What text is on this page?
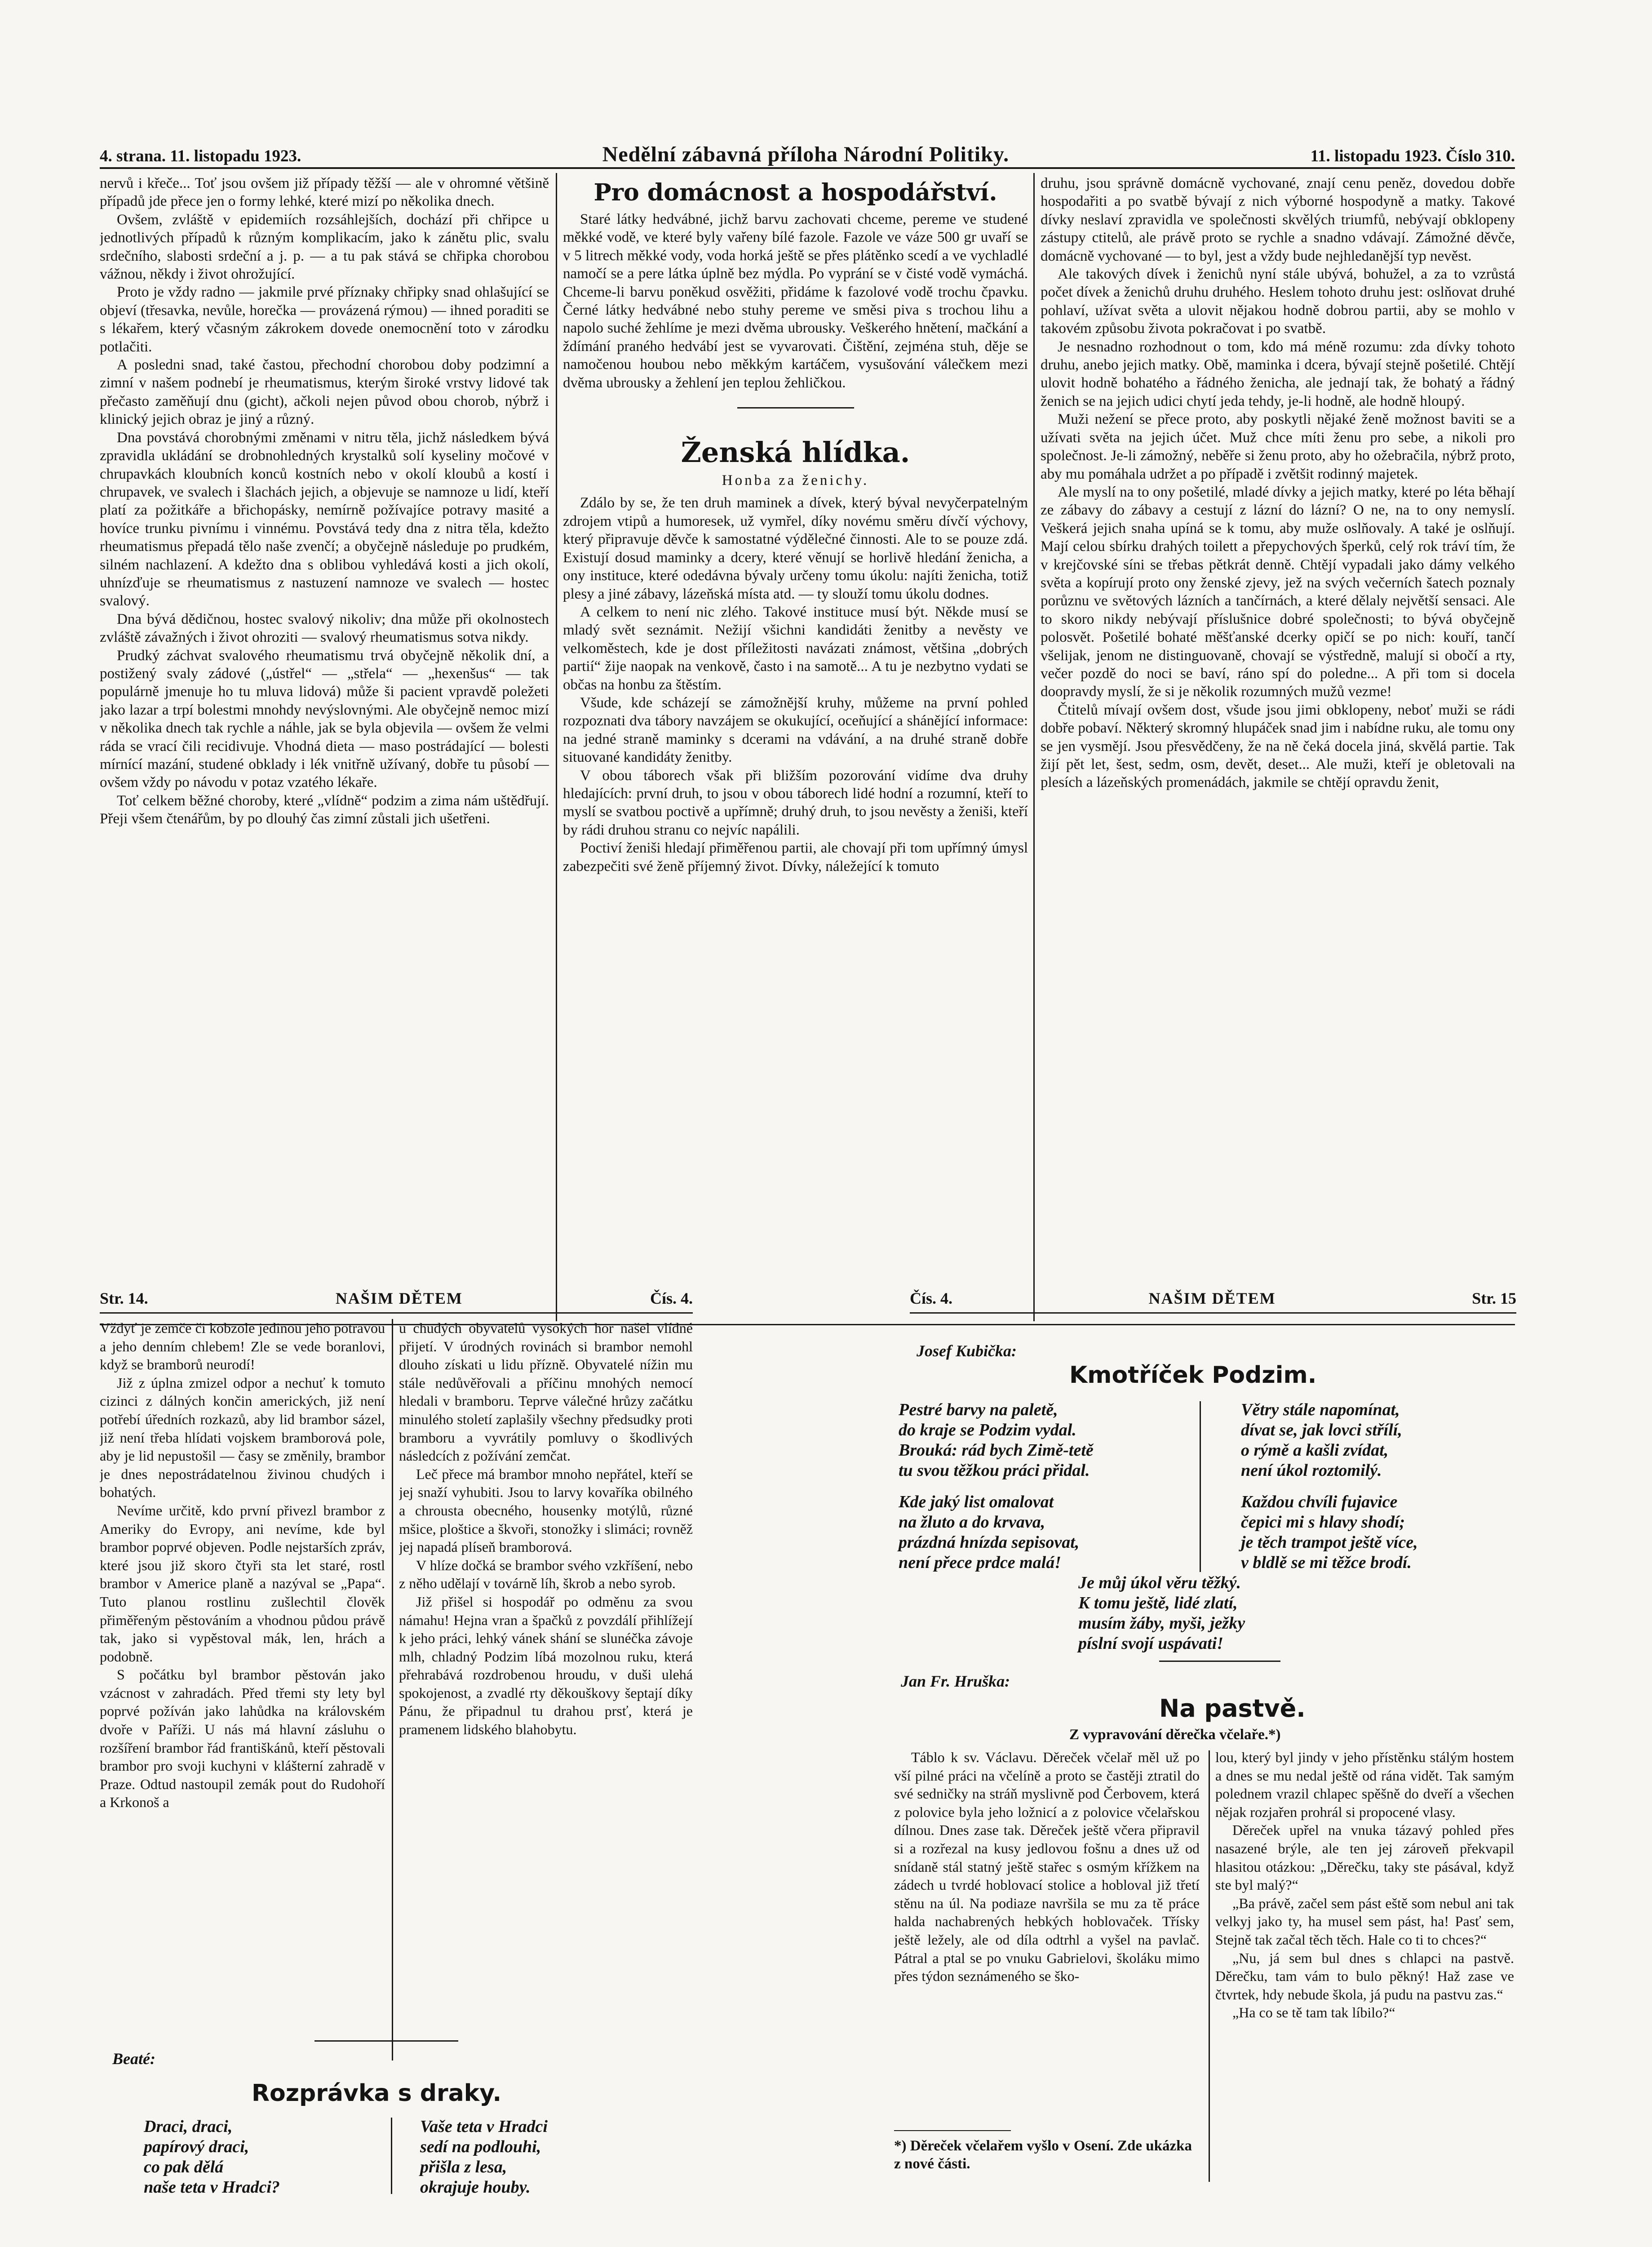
4. strana. 11. listopadu 1923.	Nedělní zábavná příloha Národní Politiky.	11. listopadu 1923. Číslo 310.

nervů i křeče... Toť jsou ovšem již případy těžší — ale v ohromné většině případů jde přece jen o formy lehké, které mizí po několika dnech.

Ovšem, zvláště v epidemiích rozsáhlejších, dochází při chřipce u jednotlivých případů k různým komplikacím, jako k zánětu plic, svalu srdečního, slabosti srdeční a j. p. — a tu pak stává se chřipka chorobou vážnou, někdy i život ohrožující.

Proto je vždy radno — jakmile prvé příznaky chřipky snad ohlašující se objeví (třesavka, nevůle, horečka — provázená rýmou) — ihned poraditi se s lékařem, který včasným zákrokem dovede onemocnění toto v zárodku potlačiti.

A posledni snad, také častou, přechodní chorobou doby podzimní a zimní v našem podnebí je rheumatismus, kterým široké vrstvy lidové tak přečasto zaměňují dnu (gicht), ačkoli nejen původ obou chorob, nýbrž i klinický jejich obraz je jiný a různý.

Dna povstává chorobnými změnami v nitru těla, jichž následkem bývá zpravidla ukládání se drobnohledných krystalků solí kyseliny močové v chrupavkách kloubních konců kostních nebo v okolí kloubů a kostí i chrupavek, ve svalech i šlachách jejich, a objevuje se namnoze u lidí, kteří platí za požitkáře a břichopásky, nemírně požívajíce potravy masité a hovíce trunku pivnímu i vinnému. Povstává tedy dna z nitra těla, kdežto rheumatismus přepadá tělo naše zvenčí; a obyčejně následuje po prudkém, silném nachlazení. A kdežto dna s oblibou vyhledává kosti a jich okolí, uhnízďuje se rheumatismus z nastuzení namnoze ve svalech — hostec svalový.

Dna bývá dědičnou, hostec svalový nikoliv; dna může při okolnostech zvláště závažných i život ohroziti — svalový rheumatismus sotva nikdy.

Prudký záchvat svalového rheumatismu trvá obyčejně několik dní, a postižený svaly zádové („ústřel“ — „střela“ — „hexenšus“ — tak populárně jmenuje ho tu mluva lidová) může ši pacient vpravdě poležeti jako lazar a trpí bolestmi mnohdy nevýslovnými. Ale obyčejně nemoc mizí v několika dnech tak rychle a náhle, jak se byla objevila — ovšem že velmi ráda se vrací čili recidivuje. Vhodná dieta — maso postrádající — bolesti mírnící mazání, studené obklady i lék vnitřně užívaný, dobře tu působí — ovšem vždy po návodu v potaz vzatého lékaře.

Toť celkem běžné choroby, které „vlídně“ podzim a zima nám uštědřují. Přeji všem čtenářům, by po dlouhý čas zimní zůstali jich ušetřeni.

Pro domácnost a hospodářství.

Staré látky hedvábné, jichž barvu zachovati chceme, pereme ve studené měkké vodě, ve které byly vařeny bílé fazole. Fazole ve váze 500 gr uvaří se v 5 litrech měkké vody, voda horká ještě se přes plátěnko scedí a ve vychladlé namočí se a pere látka úplně bez mýdla. Po vyprání se v čisté vodě vymáchá. Chceme-li barvu poněkud osvěžiti, přidáme k fazolové vodě trochu čpavku. Černé látky hedvábné nebo stuhy pereme ve směsi piva s trochou lihu a napolo suché žehlíme je mezi dvěma ubrousky. Veškerého hnětení, mačkání a ždímání praného hedvábí jest se vyvarovati. Čištění, zejména stuh, děje se namočenou houbou nebo měkkým kartáčem, vysušování válečkem mezi dvěma ubrousky a žehlení jen teplou žehličkou.

Ženská hlídka.
Honba za ženichy.

Zdálo by se, že ten druh maminek a dívek, který býval nevyčerpatelným zdrojem vtipů a humoresek, už vymřel, díky novému směru dívčí výchovy, který připravuje děvče k samostatné výdělečné činnosti. Ale to se pouze zdá. Existují dosud maminky a dcery, které věnují se horlivě hledání ženicha, a ony instituce, které odedávna bývaly určeny tomu úkolu: najíti ženicha, totiž plesy a jiné zábavy, lázeňská místa atd. — ty slouží tomu úkolu dodnes.

A celkem to není nic zlého. Takové instituce musí být. Někde musí se mladý svět seznámit. Nežijí všichni kandidáti ženitby a nevěsty ve velkoměstech, kde je dost příležitosti navázati známost, většina „dobrých partií“ žije naopak na venkově, často i na samotě... A tu je nezbytno vydati se občas na honbu za štěstím.

Všude, kde scházejí se zámožnější kruhy, můžeme na první pohled rozpoznati dva tábory navzájem se okukující, oceňující a shánějící informace: na jedné straně maminky s dcerami na vdávání, a na druhé straně dobře situované kandidáty ženitby.

V obou táborech však při bližším pozorování vidíme dva druhy hledajících: první druh, to jsou v obou táborech lidé hodní a rozumní, kteří to myslí se svatbou poctivě a upřímně; druhý druh, to jsou nevěsty a ženiši, kteří by rádi druhou stranu co nejvíc napálili.

Poctiví ženiši hledají přiměřenou partii, ale chovají při tom upřímný úmysl zabezpečiti své ženě příjemný život. Dívky, náležející k tomuto

druhu, jsou správně domácně vychované, znají cenu peněz, dovedou dobře hospodařiti a po svatbě bývají z nich výborné hospodyně a matky. Takové dívky neslaví zpravidla ve společnosti skvělých triumfů, nebývají obklopeny zástupy ctitelů, ale právě proto se rychle a snadno vdávají. Zámožné děvče, domácně vychované — to byl, jest a vždy bude nejhledanější typ nevěst.

Ale takových dívek i ženichů nyní stále ubývá, bohužel, a za to vzrůstá počet dívek a ženichů druhu druhého. Heslem tohoto druhu jest: oslňovat druhé pohlaví, užívat světa a ulovit nějakou hodně dobrou partii, aby se mohlo v takovém způsobu života pokračovat i po svatbě.

Je nesnadno rozhodnout o tom, kdo má méně rozumu: zda dívky tohoto druhu, anebo jejich matky. Obě, maminka i dcera, bývají stejně pošetilé. Chtějí ulovit hodně bohatého a řádného ženicha, ale jednají tak, že bohatý a řádný ženich se na jejich udici chytí jeda tehdy, je-li hodně, ale hodně hloupý.

Muži nežení se přece proto, aby poskytli nějaké ženě možnost baviti se a užívati světa na jejich účet. Muž chce míti ženu pro sebe, a nikoli pro společnost. Je-li zámožný, neběře si ženu proto, aby ho ožebračila, nýbrž proto, aby mu pomáhala udržet a po případě i zvětšit rodinný majetek.

Ale myslí na to ony pošetilé, mladé dívky a jejich matky, které po léta běhají ze zábavy do zábavy a cestují z lázní do lázní? O ne, na to ony nemyslí. Veškerá jejich snaha upíná se k tomu, aby muže oslňovaly. A také je oslňují. Mají celou sbírku drahých toilett a přepychových šperků, celý rok tráví tím, že v krejčovské síni se třebas pětkrát denně. Chtějí vypadali jako dámy velkého světa a kopírují proto ony ženské zjevy, jež na svých večerních šatech poznaly porůznu ve světových lázních a tančírnách, a které dělaly největší sensaci. Ale to skoro nikdy nebývají příslušnice dobré společnosti; to bývá obyčejně polosvět. Pošetilé bohaté měšťanské dcerky opičí se po nich: kouří, tančí všelijak, jenom ne distinguovaně, chovají se výstředně, malují si obočí a rty, večer pozdě do noci se baví, ráno spí do poledne... A při tom si docela doopravdy myslí, že si je několik rozumných mužů vezme!

Čtitelů mívají ovšem dost, všude jsou jimi obklopeny, neboť muži se rádi dobře pobaví. Některý skromný hlupáček snad jim i nabídne ruku, ale tomu ony se jen vysmějí. Jsou přesvědčeny, že na ně čeká docela jiná, skvělá partie. Tak žijí pět let, šest, sedm, osm, devět, deset... Ale muži, kteří je obletovali na plesích a lázeňských promenádách, jakmile se chtějí opravdu ženit,

Str. 14.	NAŠIM DĚTEM	Čís. 4.

Vždyť je zemče či kobzole jedinou jeho potravou a jeho denním chlebem! Zle se vede boranlovi, když se bramborů neurodí!

Již z úplna zmizel odpor a nechuť k tomuto cizinci z dálných končin amerických, již není potřebí úředních rozkazů, aby lid brambor sázel, již není třeba hlídati vojskem bramborová pole, aby je lid nepustošil — časy se změnily, brambor je dnes nepostrádatelnou živinou chudých i bohatých.

Nevíme určitě, kdo první přivezl brambor z Ameriky do Evropy, ani nevíme, kde byl brambor poprvé objeven. Podle nejstarších zpráv, které jsou již skoro čtyři sta let staré, rostl brambor v Americe planě a nazýval se „Papa“. Tuto planou rostlinu zušlechtil člověk přiměřeným pěstováním a vhodnou půdou právě tak, jako si vypěstoval mák, len, hrách a podobně.

S počátku byl brambor pěstován jako vzácnost v zahradách. Před třemi sty lety byl poprvé požíván jako lahůdka na královském dvoře v Paříži. U nás má hlavní zásluhu o rozšíření brambor řád františkánů, kteří pěstovali brambor pro svoji kuchyni v klášterní zahradě v Praze. Odtud nastoupil zemák pout do Rudohoří a Krkonoš a

u chudých obyvatelů vysokých hor našel vlídné přijetí. V úrodných rovinách si brambor nemohl dlouho získati u lidu přízně. Obyvatelé nížin mu stále nedůvěřovali a příčinu mnohých nemocí hledali v bramboru. Teprve válečné hrůzy začátku minulého století zaplašily všechny předsudky proti bramboru a vyvrátily pomluvy o škodlivých následcích z požívání zemčat.

Leč přece má brambor mnoho nepřátel, kteří se jej snaží vyhubiti. Jsou to larvy kovaříka obilného a chrousta obecného, housenky motýlů, různé mšice, ploštice a škvoři, stonožky i slimáci; rovněž jej napadá plíseň bramborová.

V hlíze dočká se brambor svého vzkříšení, nebo z něho udělají v továrně líh, škrob a nebo syrob.

Již přišel si hospodář po odměnu za svou námahu! Hejna vran a špačků z povzdálí přihlížejí k jeho práci, lehký vánek shání se slunéčka závoje mlh, chladný Podzim líbá mozolnou ruku, která přehrabává rozdrobenou hroudu, v duši ulehá spokojenost, a zvadlé rty děkouškovy šeptají díky Pánu, že připadnul tu drahou prsť, která je pramenem lidského blahobytu.

Beaté:
Rozprávka s draky.
Draci, draci,
papírový draci,
co pak dělá
naše teta v Hradci?
Vaše teta v Hradci
sedí na podlouhi,
přišla z lesa,
okrajuje houby.
Čís. 4.	NAŠIM DĚTEM	Str. 15
Josef Kubička:
Kmotříček Podzim.
Pestré barvy na paletě,
do kraje se Podzim vydal.
Brouká: rád bych Zimě-tetě
tu svou těžkou práci přidal.
Kde jaký list omalovat
na žluto a do krvava,
prázdná hnízda sepisovat,
není přece prdce malá!
Větry stále napomínat,
dívat se, jak lovci střílí,
o rýmě a kašli zvídat,
není úkol roztomilý.
Každou chvíli fujavice
čepici mi s hlavy shodí;
je těch trampot ještě více,
v bldlě se mi těžce brodí.
Je můj úkol věru těžký.
K tomu ještě, lidé zlatí,
musím žáby, myši, ježky
píslní svojí uspávati!
Jan Fr. Hruška:
Na pastvě.
Z vypravování děrečka včelaře.*)

Táblo k sv. Václavu. Děreček včelař měl už po vší pilné práci na včelíně a proto se častěji ztratil do své sedničky na stráň myslivně pod Čerbovem, která z polovice byla jeho ložnicí a z polovice včelařskou dílnou. Dnes zase tak. Děreček ještě včera připravil si a rozřezal na kusy jedlovou fošnu a dnes už od snídaně stál statný ještě stařec s osmým křížkem na zádech u tvrdé hoblovací stolice a hobloval již třetí stěnu na úl. Na podiaze navršila se mu za tě práce halda nachabrených hebkých hoblovaček. Třísky ještě ležely, ale od díla odtrhl a vyšel na pavlač. Pátral a ptal se po vnuku Gabrielovi, školáku mimo přes týdon seznámeného se ško-

*) Děreček včelařem vyšlo v Osení. Zde ukázka z nové části.

lou, který byl jindy v jeho přístěnku stálým hostem a dnes se mu nedal ještě od rána vidět. Tak samým polednem vrazil chlapec spěšně do dveří a všechen nějak rozjařen prohrál si propocené vlasy.

Děreček upřel na vnuka tázavý pohled přes nasazené brýle, ale ten jej zároveň překvapil hlasitou otázkou: „Děrečku, taky ste pásával, když ste byl malý?“

„Ba právě, začel sem pást eště som nebul ani tak velkyj jako ty, ha musel sem pást, ha! Pasť sem, Stejně tak začal těch těch. Hale co ti to chces?“

„Nu, já sem bul dnes s chlapci na pastvě. Děrečku, tam vám to bulo pěkný! Haž zase ve čtvrtek, hdy nebude škola, já pudu na pastvu zas.“

„Ha co se tě tam tak líbilo?“
